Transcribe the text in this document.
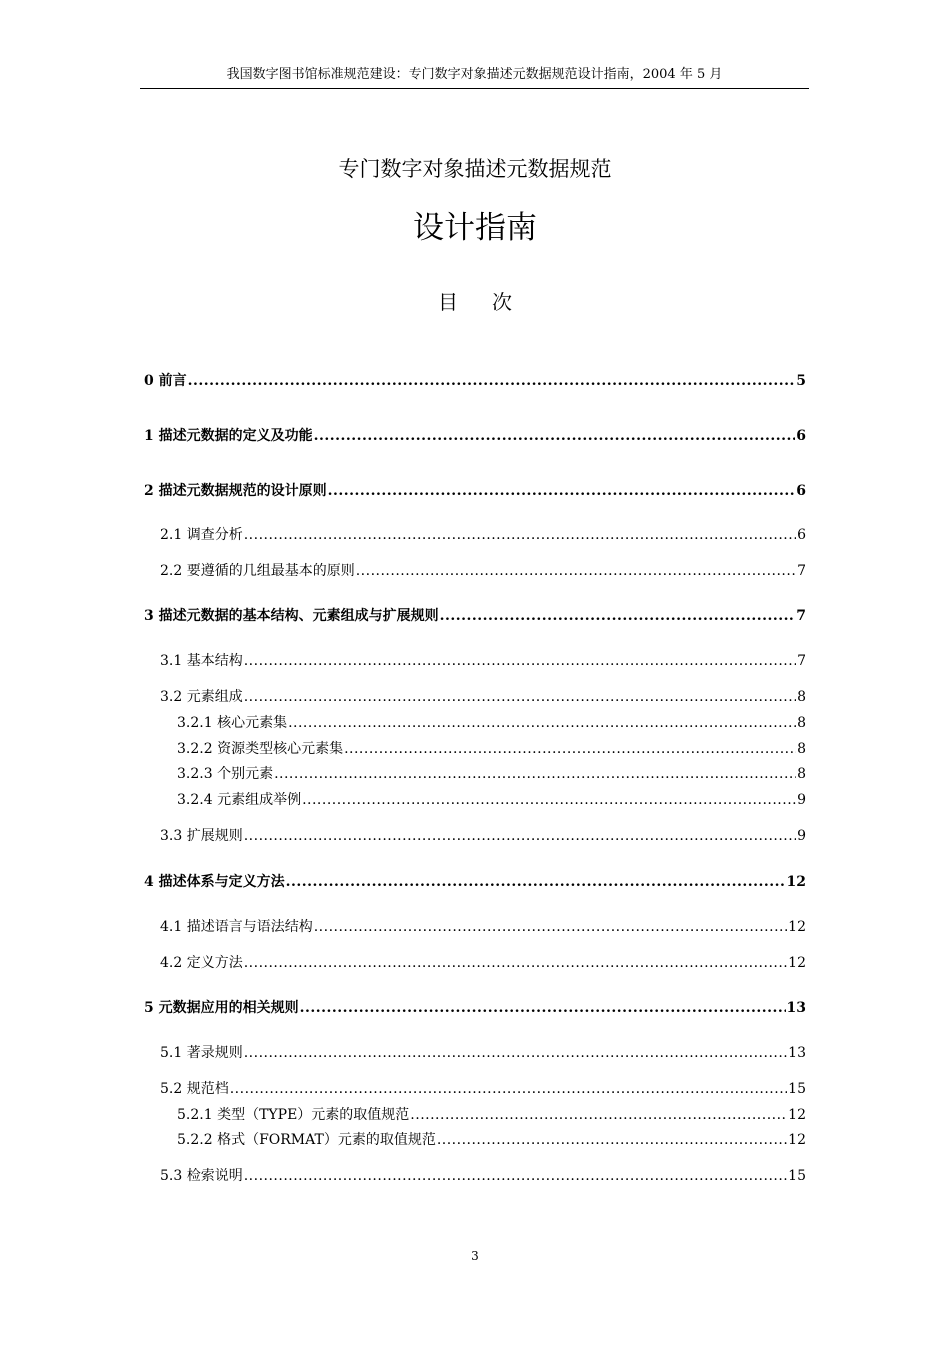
我国数字图书馆标准规范建设：专门数字对象描述元数据规范设计指南，2004 年 5 月
专门数字对象描述元数据规范
设计指南
目次
0 前言 .....	5
1 描述元数据的定义及功能 .....	6
2 描述元数据规范的设计原则 .....	6
2.1 调查分析 .....	6
2.2 要遵循的几组最基本的原则 .....	7
3 描述元数据的基本结构、元素组成与扩展规则 .....	7
3.1 基本结构 .....	7
3.2 元素组成 .....	8
3.2.1 核心元素集 .....	8
3.2.2 资源类型核心元素集 .....	8
3.2.3 个别元素 .....	8
3.2.4 元素组成举例 .....	9
3.3 扩展规则 .....	9
4 描述体系与定义方法 .....	12
4.1 描述语言与语法结构 .....	12
4.2 定义方法 .....	12
5 元数据应用的相关规则 .....	13
5.1 著录规则 .....	13
5.2 规范档 .....	15
5.2.1 类型（TYPE）元素的取值规范 .....	12
5.2.2 格式（FORMAT）元素的取值规范 .....	12
5.3 检索说明 .....	15
3
